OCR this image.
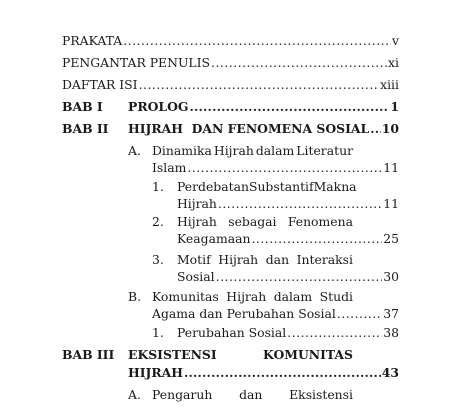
PRAKATA .....	v
PENGANTAR PENULIS .....	xi
DAFTAR ISI .....	xiii
BAB I PROLOG .....	1
BAB II HIJRAH  DAN FENOMENA SOSIAL ..... 10
A. Dinamika Hijrah dalam Literatur
Islam .....	11
1. Perdebatan Substantif Makna
Hijrah .....	11
2. Hijrah sebagai Fenomena
Keagamaan .....	25
3. Motif Hijrah dan Interaksi
Sosial .....	30
B. Komunitas Hijrah dalam Studi
Agama dan Perubahan Sosial .....	37
1. Perubahan Sosial .....	38
BAB III EKSISTENSI	KOMUNITAS
HIJRAH .....	43
A. Pengaruh dan Eksistensi
